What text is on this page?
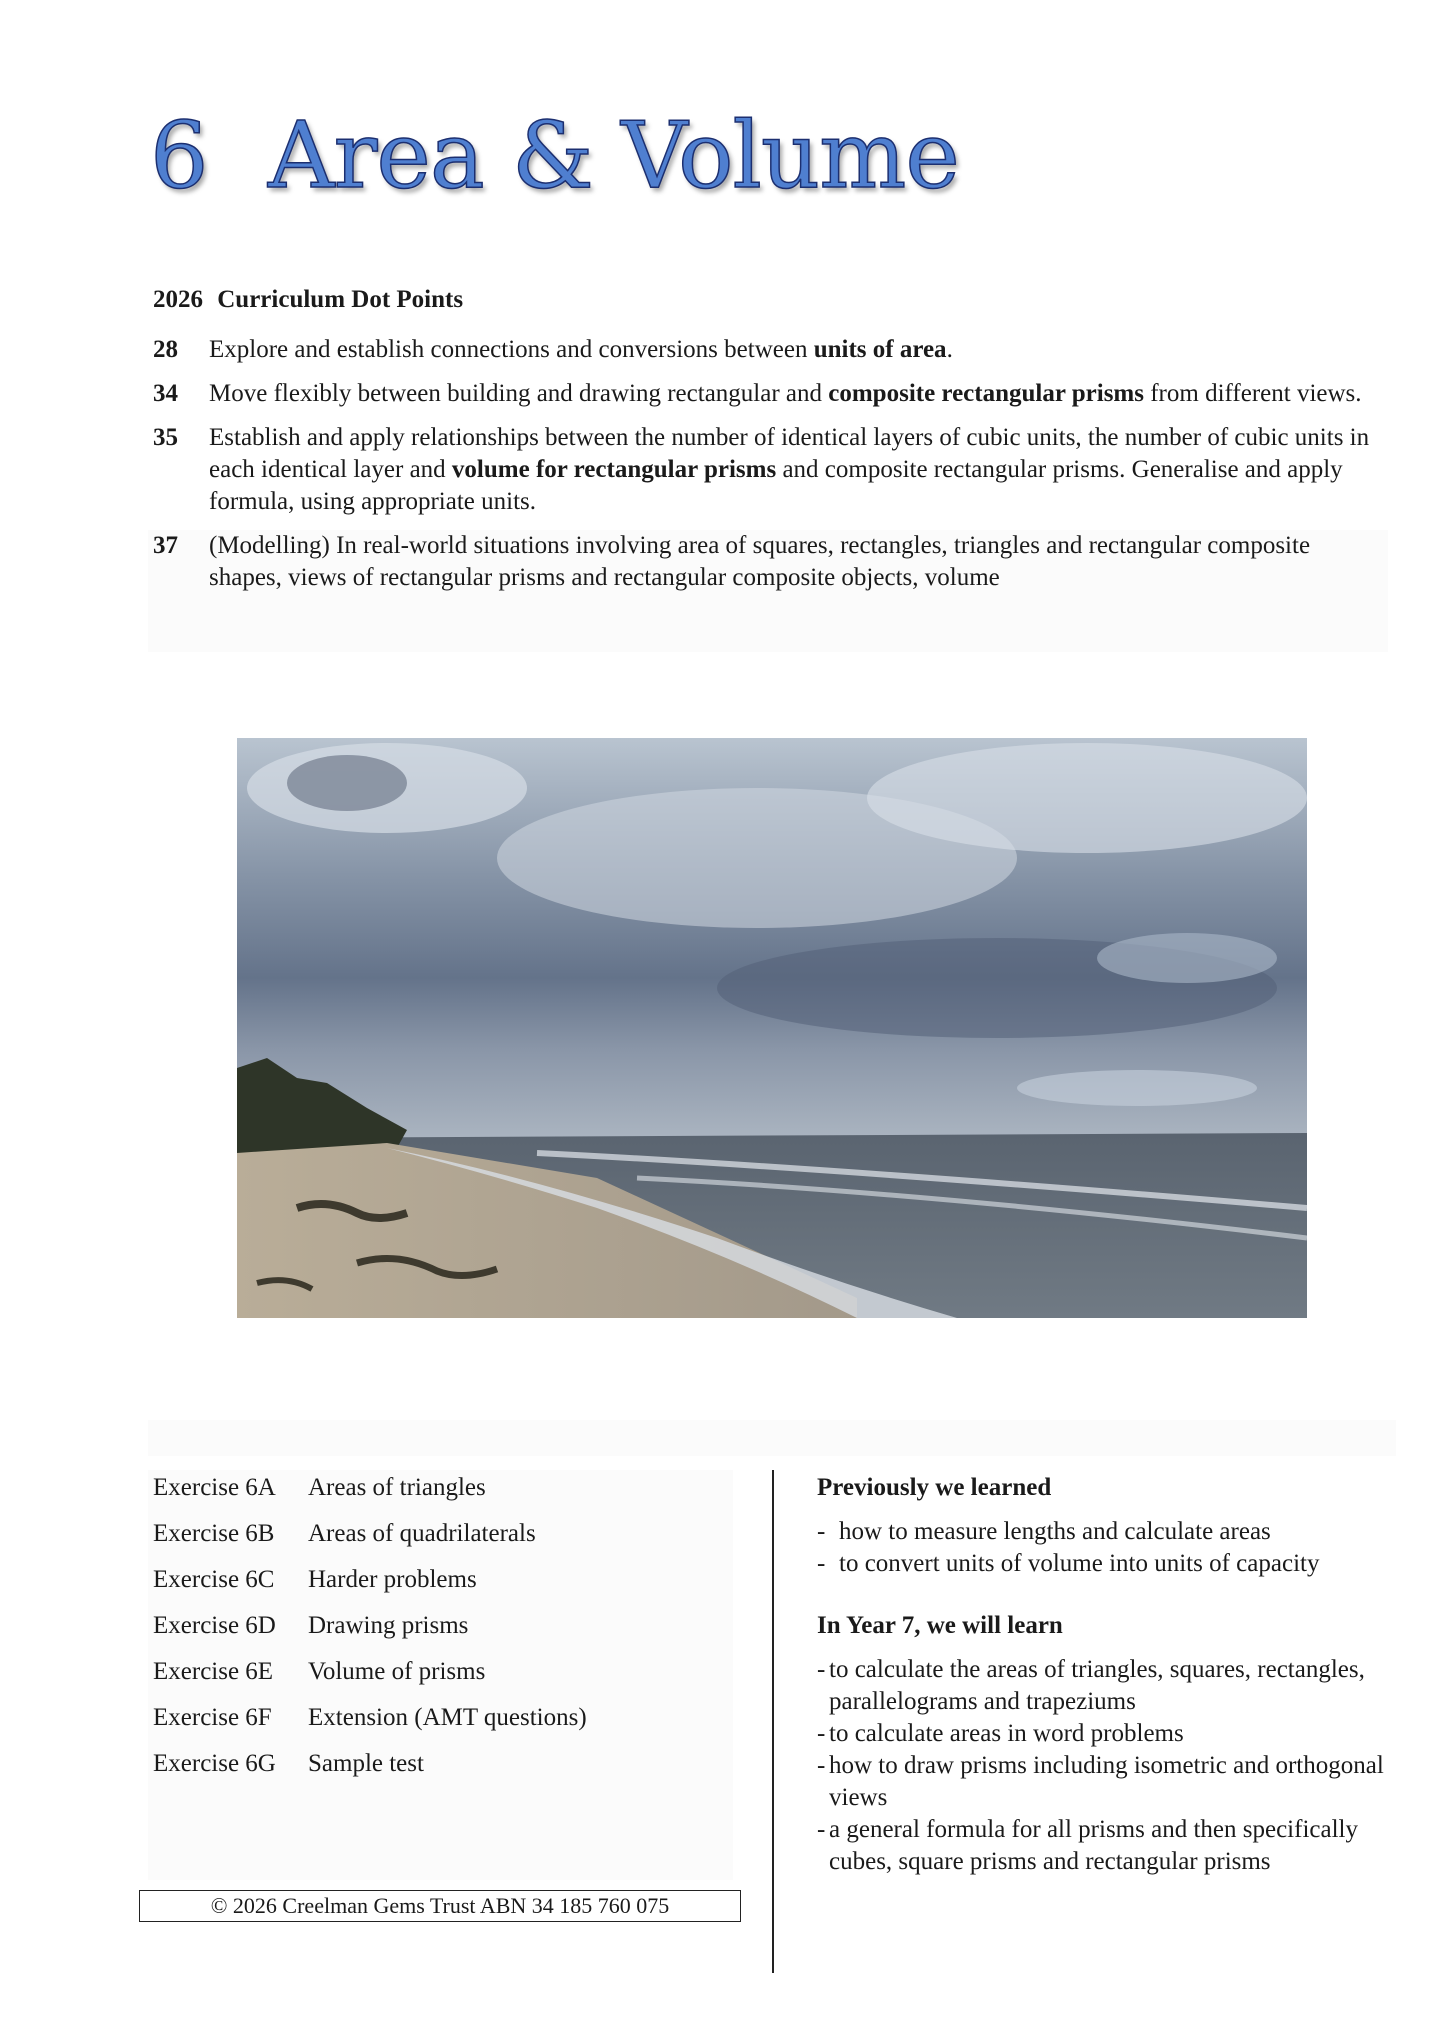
6 Area & Volume
2026 Curriculum Dot Points
28	Explore and establish connections and conversions between units of area.
34	Move flexibly between building and drawing rectangular and composite rectangular prisms from different views.
35	Establish and apply relationships between the number of identical layers of cubic units, the number of cubic units in each identical layer and volume for rectangular prisms and composite rectangular prisms. Generalise and apply formula, using appropriate units.
37	(Modelling) In real-world situations involving area of squares, rectangles, triangles and rectangular composite shapes, views of rectangular prisms and rectangular composite objects, volume
Exercise 6A	Areas of triangles
Exercise 6B	Areas of quadrilaterals
Exercise 6C	Harder problems
Exercise 6D	Drawing prisms
Exercise 6E	Volume of prisms
Exercise 6F	Extension (AMT questions)
Exercise 6G	Sample test
© 2026 Creelman Gems Trust ABN 34 185 760 075
Previously we learned
- how to measure lengths and calculate areas
- to convert units of volume into units of capacity
In Year 7, we will learn
- to calculate the areas of triangles, squares, rectangles, parallelograms and trapeziums
- to calculate areas in word problems
- how to draw prisms including isometric and orthogonal views
- a general formula for all prisms and then specifically cubes, square prisms and rectangular prisms
